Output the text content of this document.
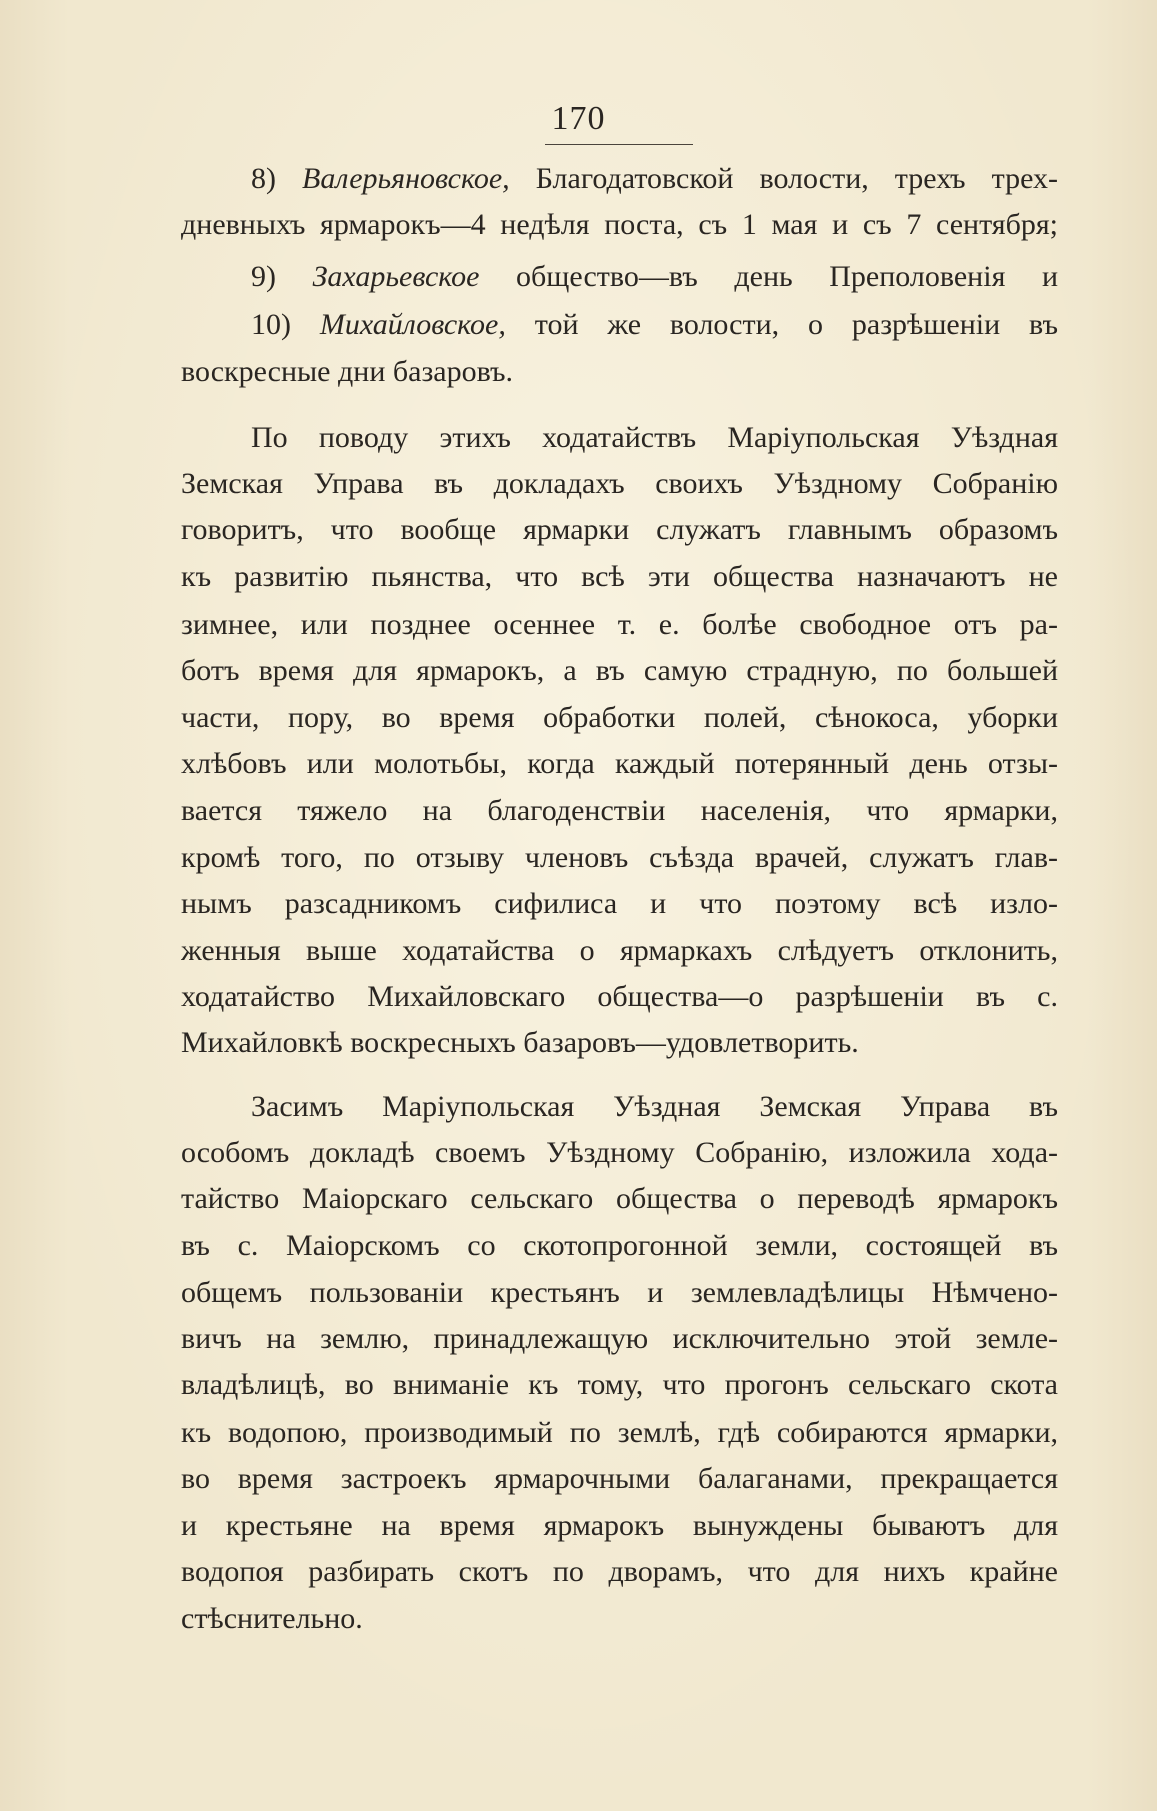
170
8) Валерьяновское, Благодатовской волости, трехъ трех-
дневныхъ ярмарокъ—4 недѣля поста, съ 1 мая и съ 7 сентября;
9) Захарьевское общество—въ день Преполовенія и
10) Михайловское, той же волости, о разрѣшеніи въ
воскресные дни базаровъ.
По поводу этихъ ходатайствъ Маріупольская Уѣздная
Земская Управа въ докладахъ своихъ Уѣздному Собранію
говоритъ, что вообще ярмарки служатъ главнымъ образомъ
къ развитію пьянства, что всѣ эти общества назначаютъ не
зимнее, или позднее осеннее т. е. болѣе свободное отъ ра-
ботъ время для ярмарокъ, а въ самую страдную, по большей
части, пору, во время обработки полей, сѣнокоса, уборки
хлѣбовъ или молотьбы, когда каждый потерянный день отзы-
вается тяжело на благоденствіи населенія, что ярмарки,
кромѣ того, по отзыву членовъ съѣзда врачей, служатъ глав-
нымъ разсадникомъ сифилиса и что поэтому всѣ изло-
женныя выше ходатайства о ярмаркахъ слѣдуетъ отклонить,
ходатайство Михайловскаго общества—о разрѣшеніи въ с.
Михайловкѣ воскресныхъ базаровъ—удовлетворить.
Засимъ Маріупольская Уѣздная Земская Управа въ
особомъ докладѣ своемъ Уѣздному Собранію, изложила хода-
тайство Маіорскаго сельскаго общества о переводѣ ярмарокъ
въ с. Маіорскомъ со скотопрогонной земли, состоящей въ
общемъ пользованіи крестьянъ и землевладѣлицы Нѣмчено-
вичъ на землю, принадлежащую исключительно этой земле-
владѣлицѣ, во вниманіе къ тому, что прогонъ сельскаго скота
къ водопою, производимый по землѣ, гдѣ собираются ярмарки,
во время застроекъ ярмарочными балаганами, прекращается
и крестьяне на время ярмарокъ вынуждены бываютъ для
водопоя разбирать скотъ по дворамъ, что для нихъ крайне
стѣснительно.
